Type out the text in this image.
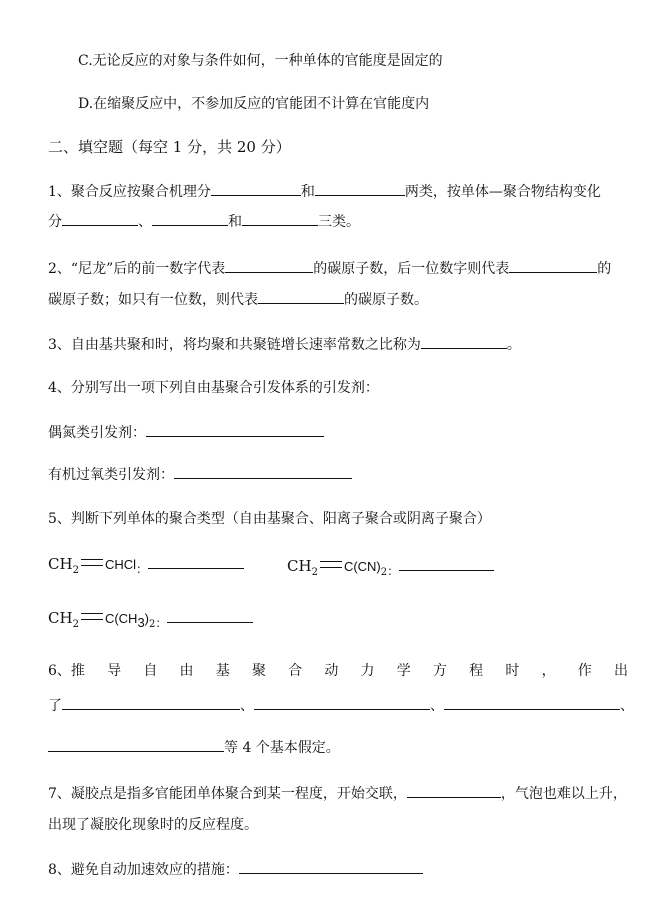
C.无论反应的对象与条件如何，一种单体的官能度是固定的
D.在缩聚反应中，不参加反应的官能团不计算在官能度内
二、填空题（每空 1 分，共 20 分）
1、聚合反应按聚合机理分	和	两类，按单体—聚合物结构变化
分	、	和	三类。
2、“尼龙”后的前一数字代表	的碳原子数，后一位数字则代表	的
碳原子数；如只有一位数，则代表	的碳原子数。
3、自由基共聚和时，将均聚和共聚链增长速率常数之比称为	。
4、分别写出一项下列自由基聚合引发体系的引发剂：
偶氮类引发剂：
有机过氧类引发剂：
5、判断下列单体的聚合类型（自由基聚合、阳离子聚合或阴离子聚合）
$CH_2$ CHCl$_:$	$CH_2$ $C(CN)_{2:}$
$CH_2$ $C(CH_3)_{2:}$
6、推 导 自 由 基 聚 合 动 力 学 方 程 时 ， 作 出
了	、	、	、
等 4 个基本假定。
7、凝胶点是指多官能团单体聚合到某一程度，开始交联，	，气泡也难以上升，
出现了凝胶化现象时的反应程度。
8、避免自动加速效应的措施：
